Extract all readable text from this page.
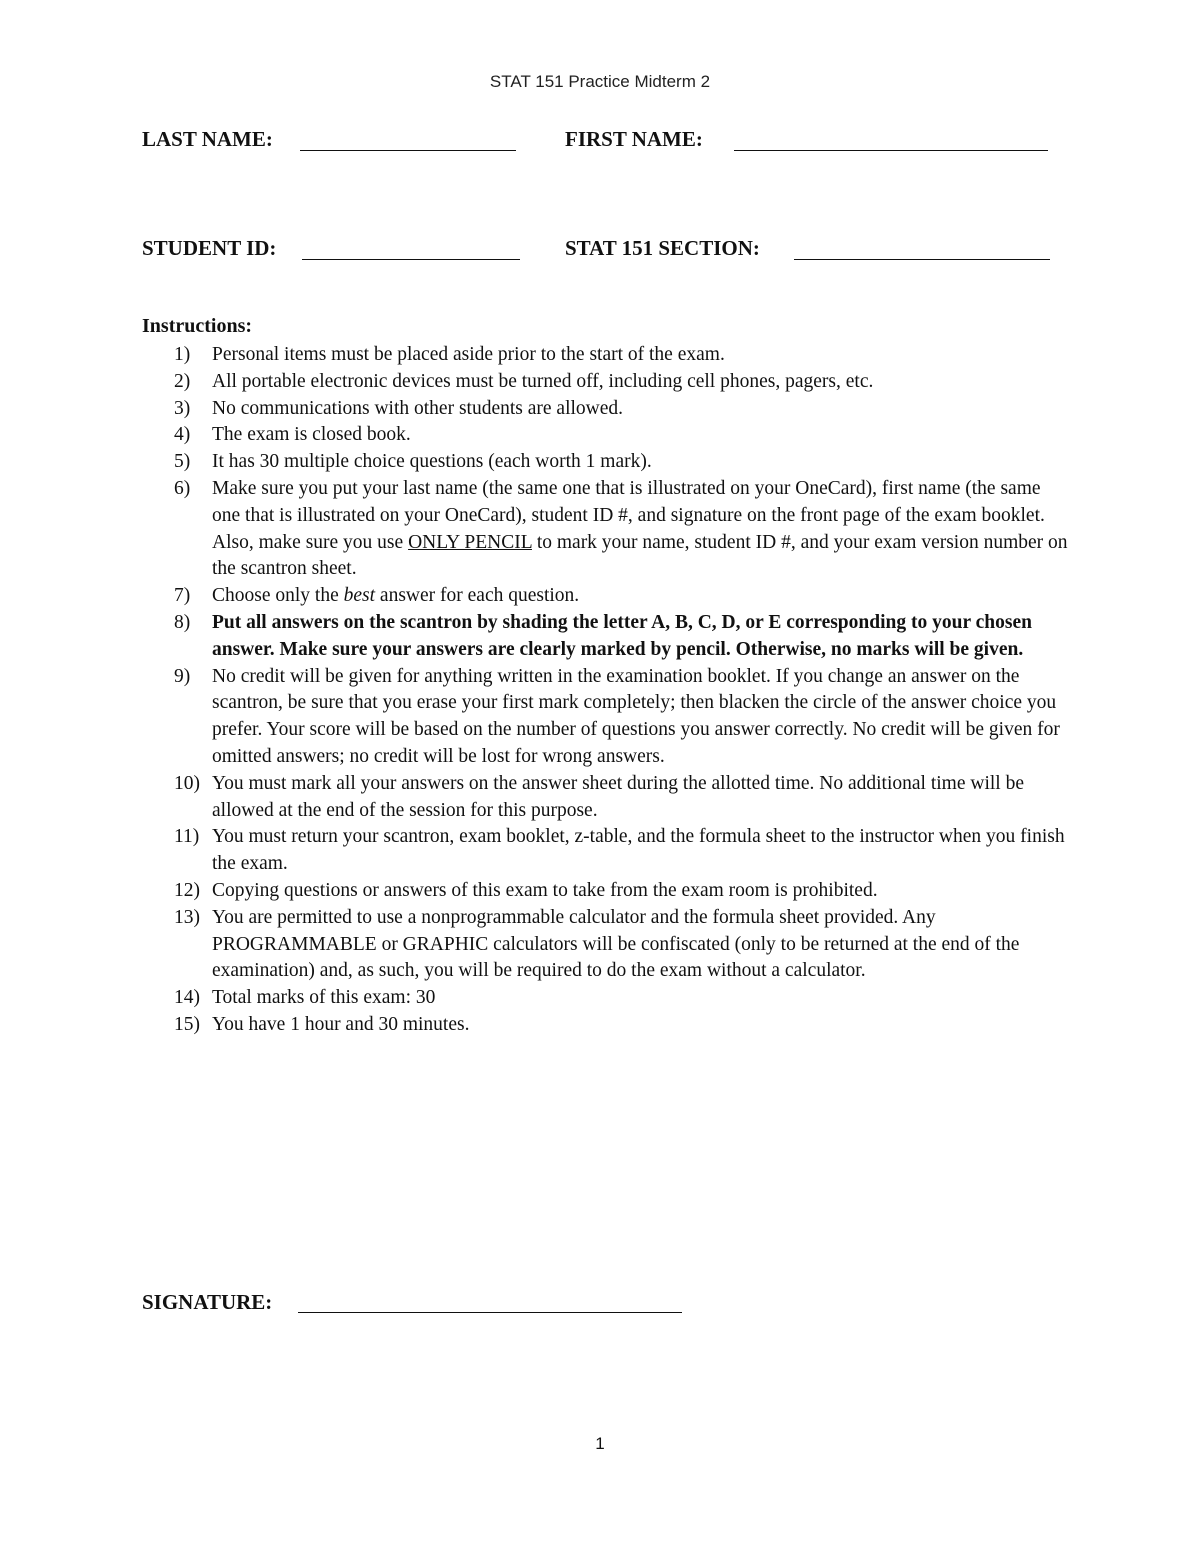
STAT 151 Practice Midterm 2
LAST NAME:	FIRST NAME:
STUDENT ID:	STAT 151 SECTION:
Instructions:
1)	Personal items must be placed aside prior to the start of the exam.
2)	All portable electronic devices must be turned off, including cell phones, pagers, etc.
3)	No communications with other students are allowed.
4)	The exam is closed book.
5)	It has 30 multiple choice questions (each worth 1 mark).
6)	Make sure you put your last name (the same one that is illustrated on your OneCard), first name (the same one that is illustrated on your OneCard), student ID #, and signature on the front page of the exam booklet. Also, make sure you use ONLY PENCIL to mark your name, student ID #, and your exam version number on the scantron sheet.
7)	Choose only the best answer for each question.
8)	Put all answers on the scantron by shading the letter A, B, C, D, or E corresponding to your chosen answer. Make sure your answers are clearly marked by pencil. Otherwise, no marks will be given.
9)	No credit will be given for anything written in the examination booklet. If you change an answer on the scantron, be sure that you erase your first mark completely; then blacken the circle of the answer choice you prefer. Your score will be based on the number of questions you answer correctly. No credit will be given for omitted answers; no credit will be lost for wrong answers.
10) You must mark all your answers on the answer sheet during the allotted time. No additional time will be allowed at the end of the session for this purpose.
11) You must return your scantron, exam booklet, z-table, and the formula sheet to the instructor when you finish the exam.
12) Copying questions or answers of this exam to take from the exam room is prohibited.
13) You are permitted to use a nonprogrammable calculator and the formula sheet provided. Any PROGRAMMABLE or GRAPHIC calculators will be confiscated (only to be returned at the end of the examination) and, as such, you will be required to do the exam without a calculator.
14) Total marks of this exam: 30
15) You have 1 hour and 30 minutes.
SIGNATURE:
1
